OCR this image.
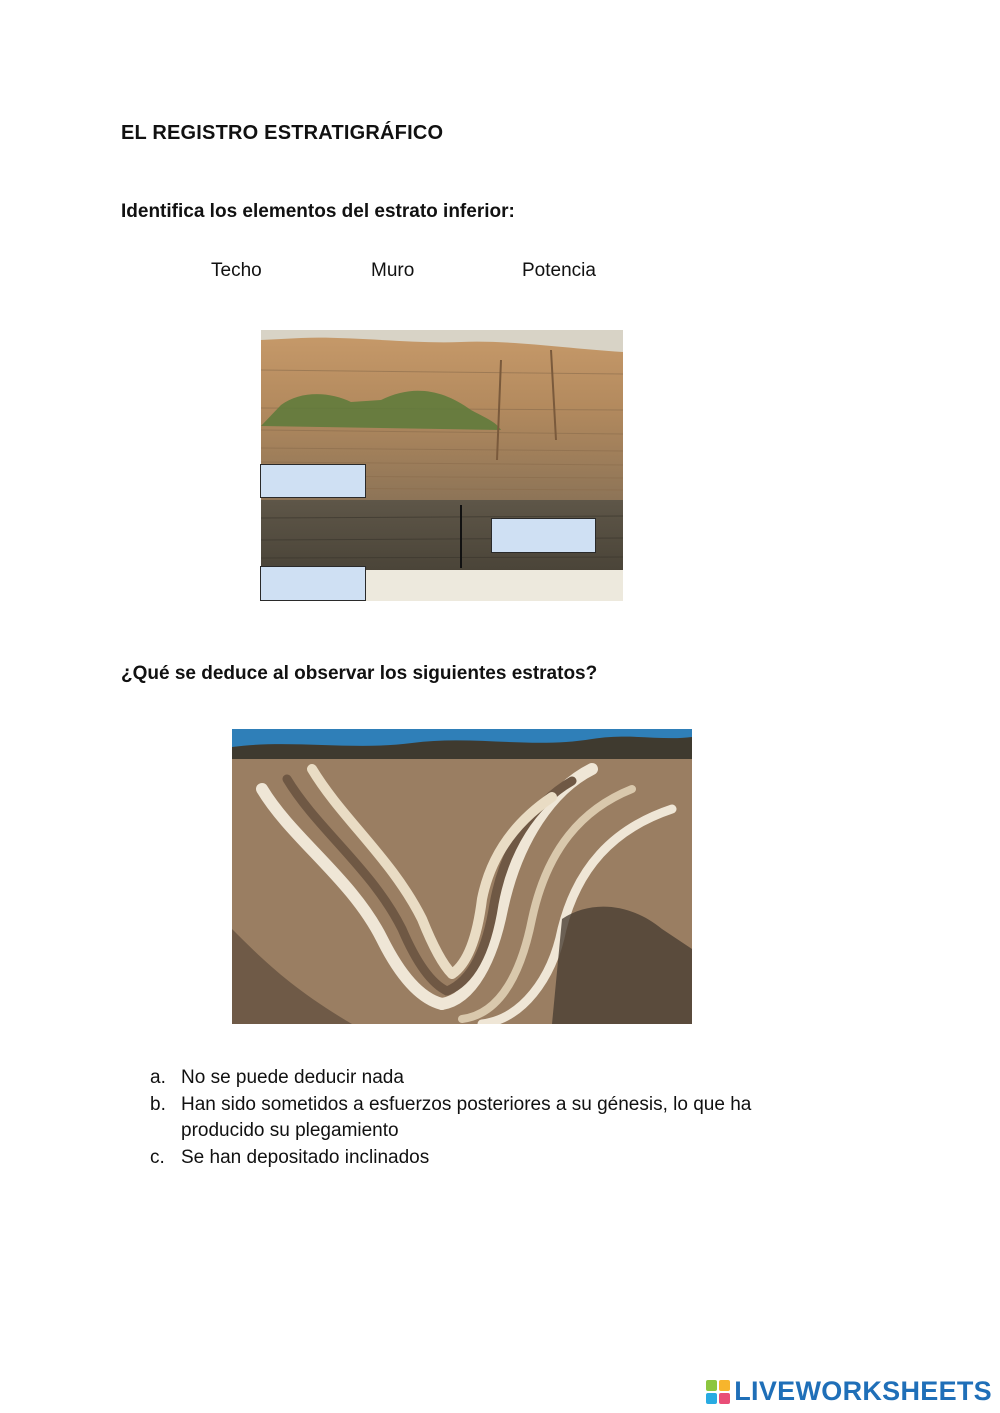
EL REGISTRO ESTRATIGRÁFICO
Identifica los elementos del estrato inferior:
Techo	Muro	Potencia
¿Qué se deduce al observar los siguientes estratos?
a. No se puede deducir nada
b. Han sido sometidos a esfuerzos posteriores a su génesis, lo que ha producido su plegamiento
c. Se han depositado inclinados
LIVEWORKSHEETS
